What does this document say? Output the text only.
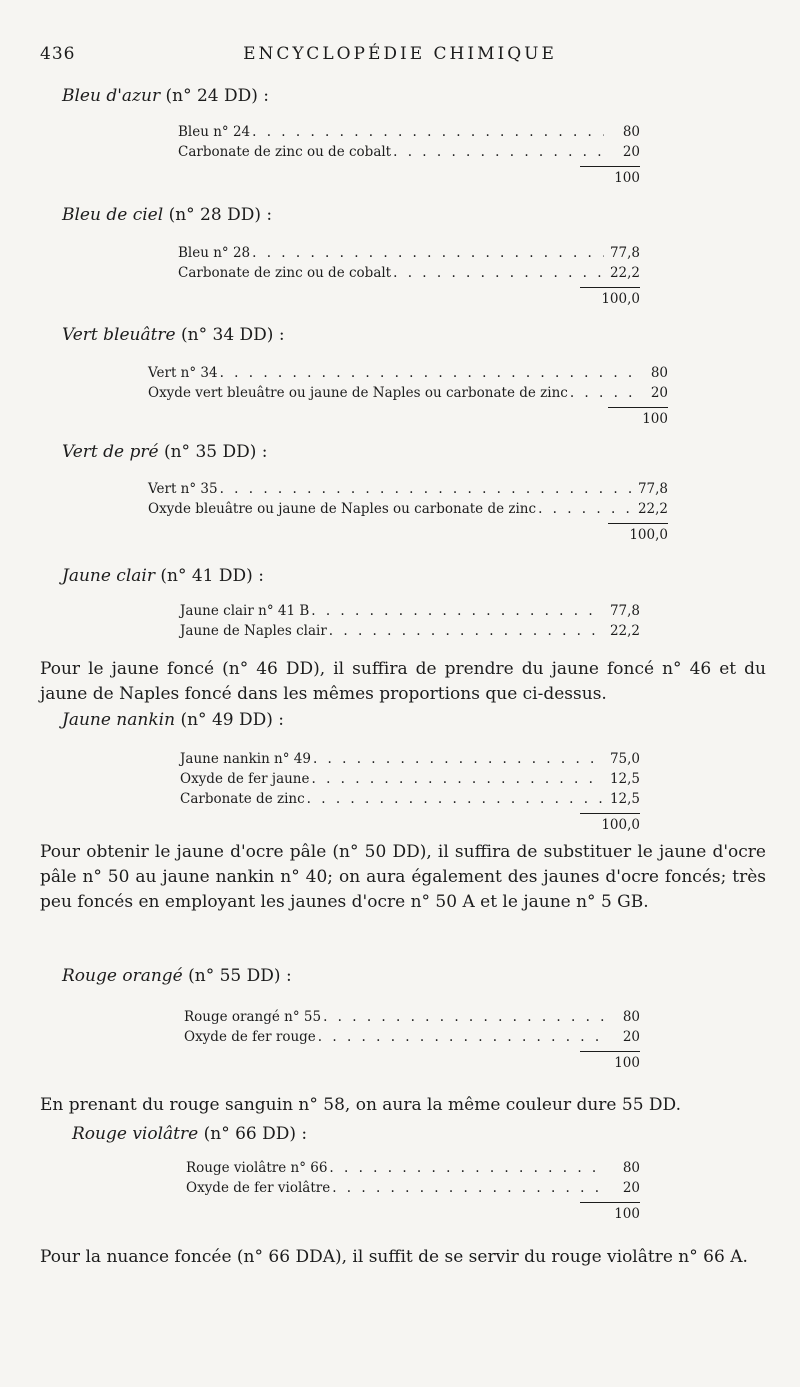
436	ENCYCLOPÉDIE CHIMIQUE
Bleu d'azur (n° 24 DD) :
Bleu n° 24 . . .	80
Carbonate de zinc ou de cobalt . . .	20
100
Bleu de ciel (n° 28 DD) :
Bleu n° 28 . . .	77,8
Carbonate de zinc ou de cobalt . . .	22,2
100,0
Vert bleuâtre (n° 34 DD) :
Vert n° 34 . . .	80
Oxyde vert bleuâtre ou jaune de Naples ou carbonate de zinc . . .	20
100
Vert de pré (n° 35 DD) :
Vert n° 35 . . .	77,8
Oxyde bleuâtre ou jaune de Naples ou carbonate de zinc . . .	22,2
100,0
Jaune clair (n° 41 DD) :
Jaune clair n° 41 B . . .	77,8
Jaune de Naples clair . . .	22,2
Pour le jaune foncé (n° 46 DD), il suffira de prendre du jaune foncé n° 46 et du jaune de Naples foncé dans les mêmes proportions que ci-dessus.
Jaune nankin (n° 49 DD) :
Jaune nankin n° 49 . . .	75,0
Oxyde de fer jaune . . .	12,5
Carbonate de zinc . . .	12,5
100,0
Pour obtenir le jaune d'ocre pâle (n° 50 DD), il suffira de substituer le jaune d'ocre pâle n° 50 au jaune nankin n° 40; on aura également des jaunes d'ocre foncés; très peu foncés en employant les jaunes d'ocre n° 50 A et le jaune n° 5 GB.
Rouge orangé (n° 55 DD) :
Rouge orangé n° 55 . . .	80
Oxyde de fer rouge . . .	20
100
En prenant du rouge sanguin n° 58, on aura la même couleur dure 55 DD.
Rouge violâtre (n° 66 DD) :
Rouge violâtre n° 66 . . .	80
Oxyde de fer violâtre . . .	20
100
Pour la nuance foncée (n° 66 DDA), il suffit de se servir du rouge violâtre n° 66 A.
